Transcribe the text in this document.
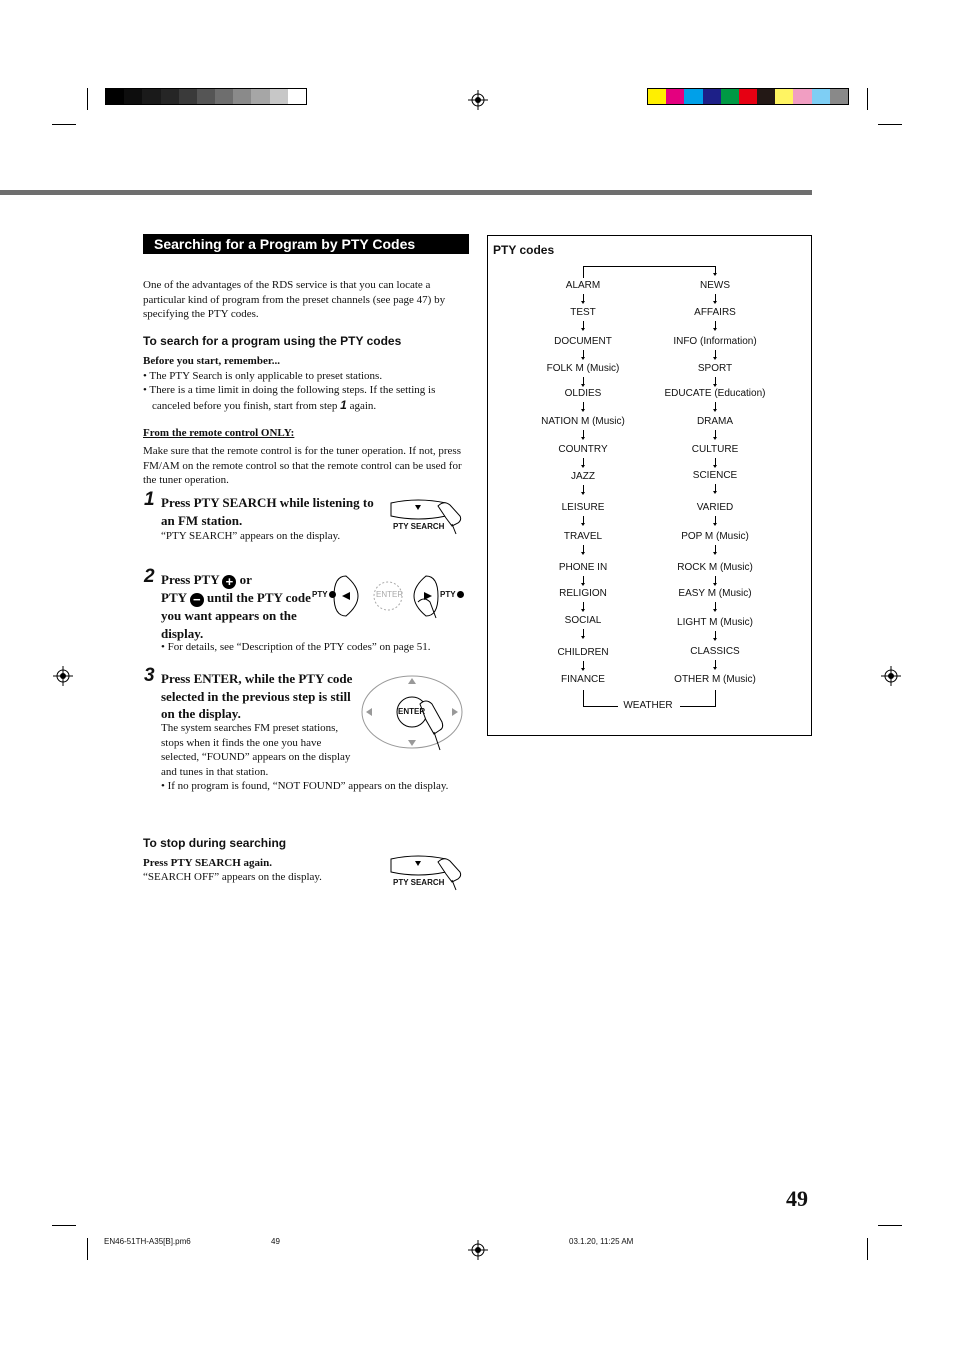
Searching for a Program by PTY Codes
One of the advantages of the RDS service is that you can locate a particular kind of program from the preset channels (see page 47) by specifying the PTY codes.
To search for a program using the PTY codes
Before you start, remember...
• The PTY Search is only applicable to preset stations.
• There is a time limit in doing the following steps. If the setting is canceled before you finish, start from step 1 again.
From the remote control ONLY:
Make sure that the remote control is for the tuner operation. If not, press FM/AM on the remote control so that the remote control can be used for the tuner operation.
1 Press PTY SEARCH while listening to an FM station.
“PTY SEARCH” appears on the display.
PTY SEARCH
2 Press PTY + or
PTY − until the PTY code you want appears on the display.
• For details, see “Description of the PTY codes” on page 51.
PTY	ENTER	PTY
3 Press ENTER, while the PTY code selected in the previous step is still on the display.
The system searches FM preset stations, stops when it finds the one you have selected, “FOUND” appears on the display and tunes in that station.
• If no program is found, “NOT FOUND” appears on the display.
ENTER
To stop during searching
Press PTY SEARCH again.
“SEARCH OFF” appears on the display.	PTY SEARCH
PTY codes
ALARM
TEST
DOCUMENT
FOLK M (Music)
OLDIES
NATION M (Music)
COUNTRY
JAZZ
LEISURE
TRAVEL
PHONE IN
RELIGION
SOCIAL
CHILDREN
FINANCE
NEWS
AFFAIRS
INFO (Information)
SPORT
EDUCATE (Education)
DRAMA
CULTURE
SCIENCE
VARIED
POP M (Music)
ROCK M (Music)
EASY M (Music)
LIGHT M (Music)
CLASSICS
OTHER M (Music)
WEATHER
49
EN46-51TH-A35[B].pm6	49	03.1.20, 11:25 AM
